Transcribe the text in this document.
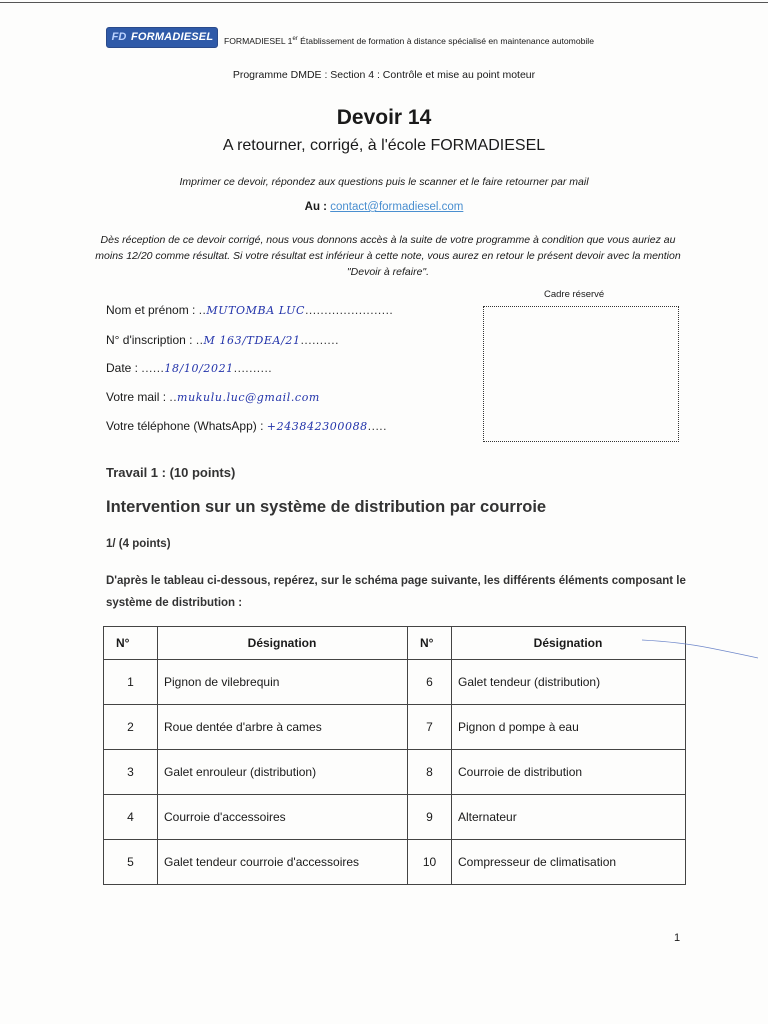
FD FORMADIESEL	FORMADIESEL 1er Établissement de formation à distance spécialisé en maintenance automobile
Programme DMDE : Section 4 : Contrôle et mise au point moteur
Devoir 14
A retourner, corrigé, à l'école FORMADIESEL
Imprimer ce devoir, répondez aux questions puis le scanner et le faire retourner par mail
Au : contact@formadiesel.com
Dès réception de ce devoir corrigé, nous vous donnons accès à la suite de votre programme à condition que vous auriez au moins 12/20 comme résultat. Si votre résultat est inférieur à cette note, vous aurez en retour le présent devoir avec la mention "Devoir à refaire".
Nom et prénom : ..MUTOMBA LUC.......................
N° d'inscription : ..M 163/TDEA/21..........
Date : ......18/10/2021..........
Votre mail : ..mukulu.luc@gmail.com
Votre téléphone (WhatsApp) : +243842300088.....
Cadre réservé
Travail 1 : (10 points)
Intervention sur un système de distribution par courroie
1/ (4 points)
D'après le tableau ci-dessous, repérez, sur le schéma page suivante, les différents éléments composant le système de distribution :
N°	Désignation	N°	Désignation
1	Pignon de vilebrequin	6	Galet tendeur (distribution)
2	Roue dentée d'arbre à cames	7	Pignon d pompe à eau
3	Galet enrouleur (distribution)	8	Courroie de distribution
4	Courroie d'accessoires	9	Alternateur
5	Galet tendeur courroie d'accessoires	10	Compresseur de climatisation
1
